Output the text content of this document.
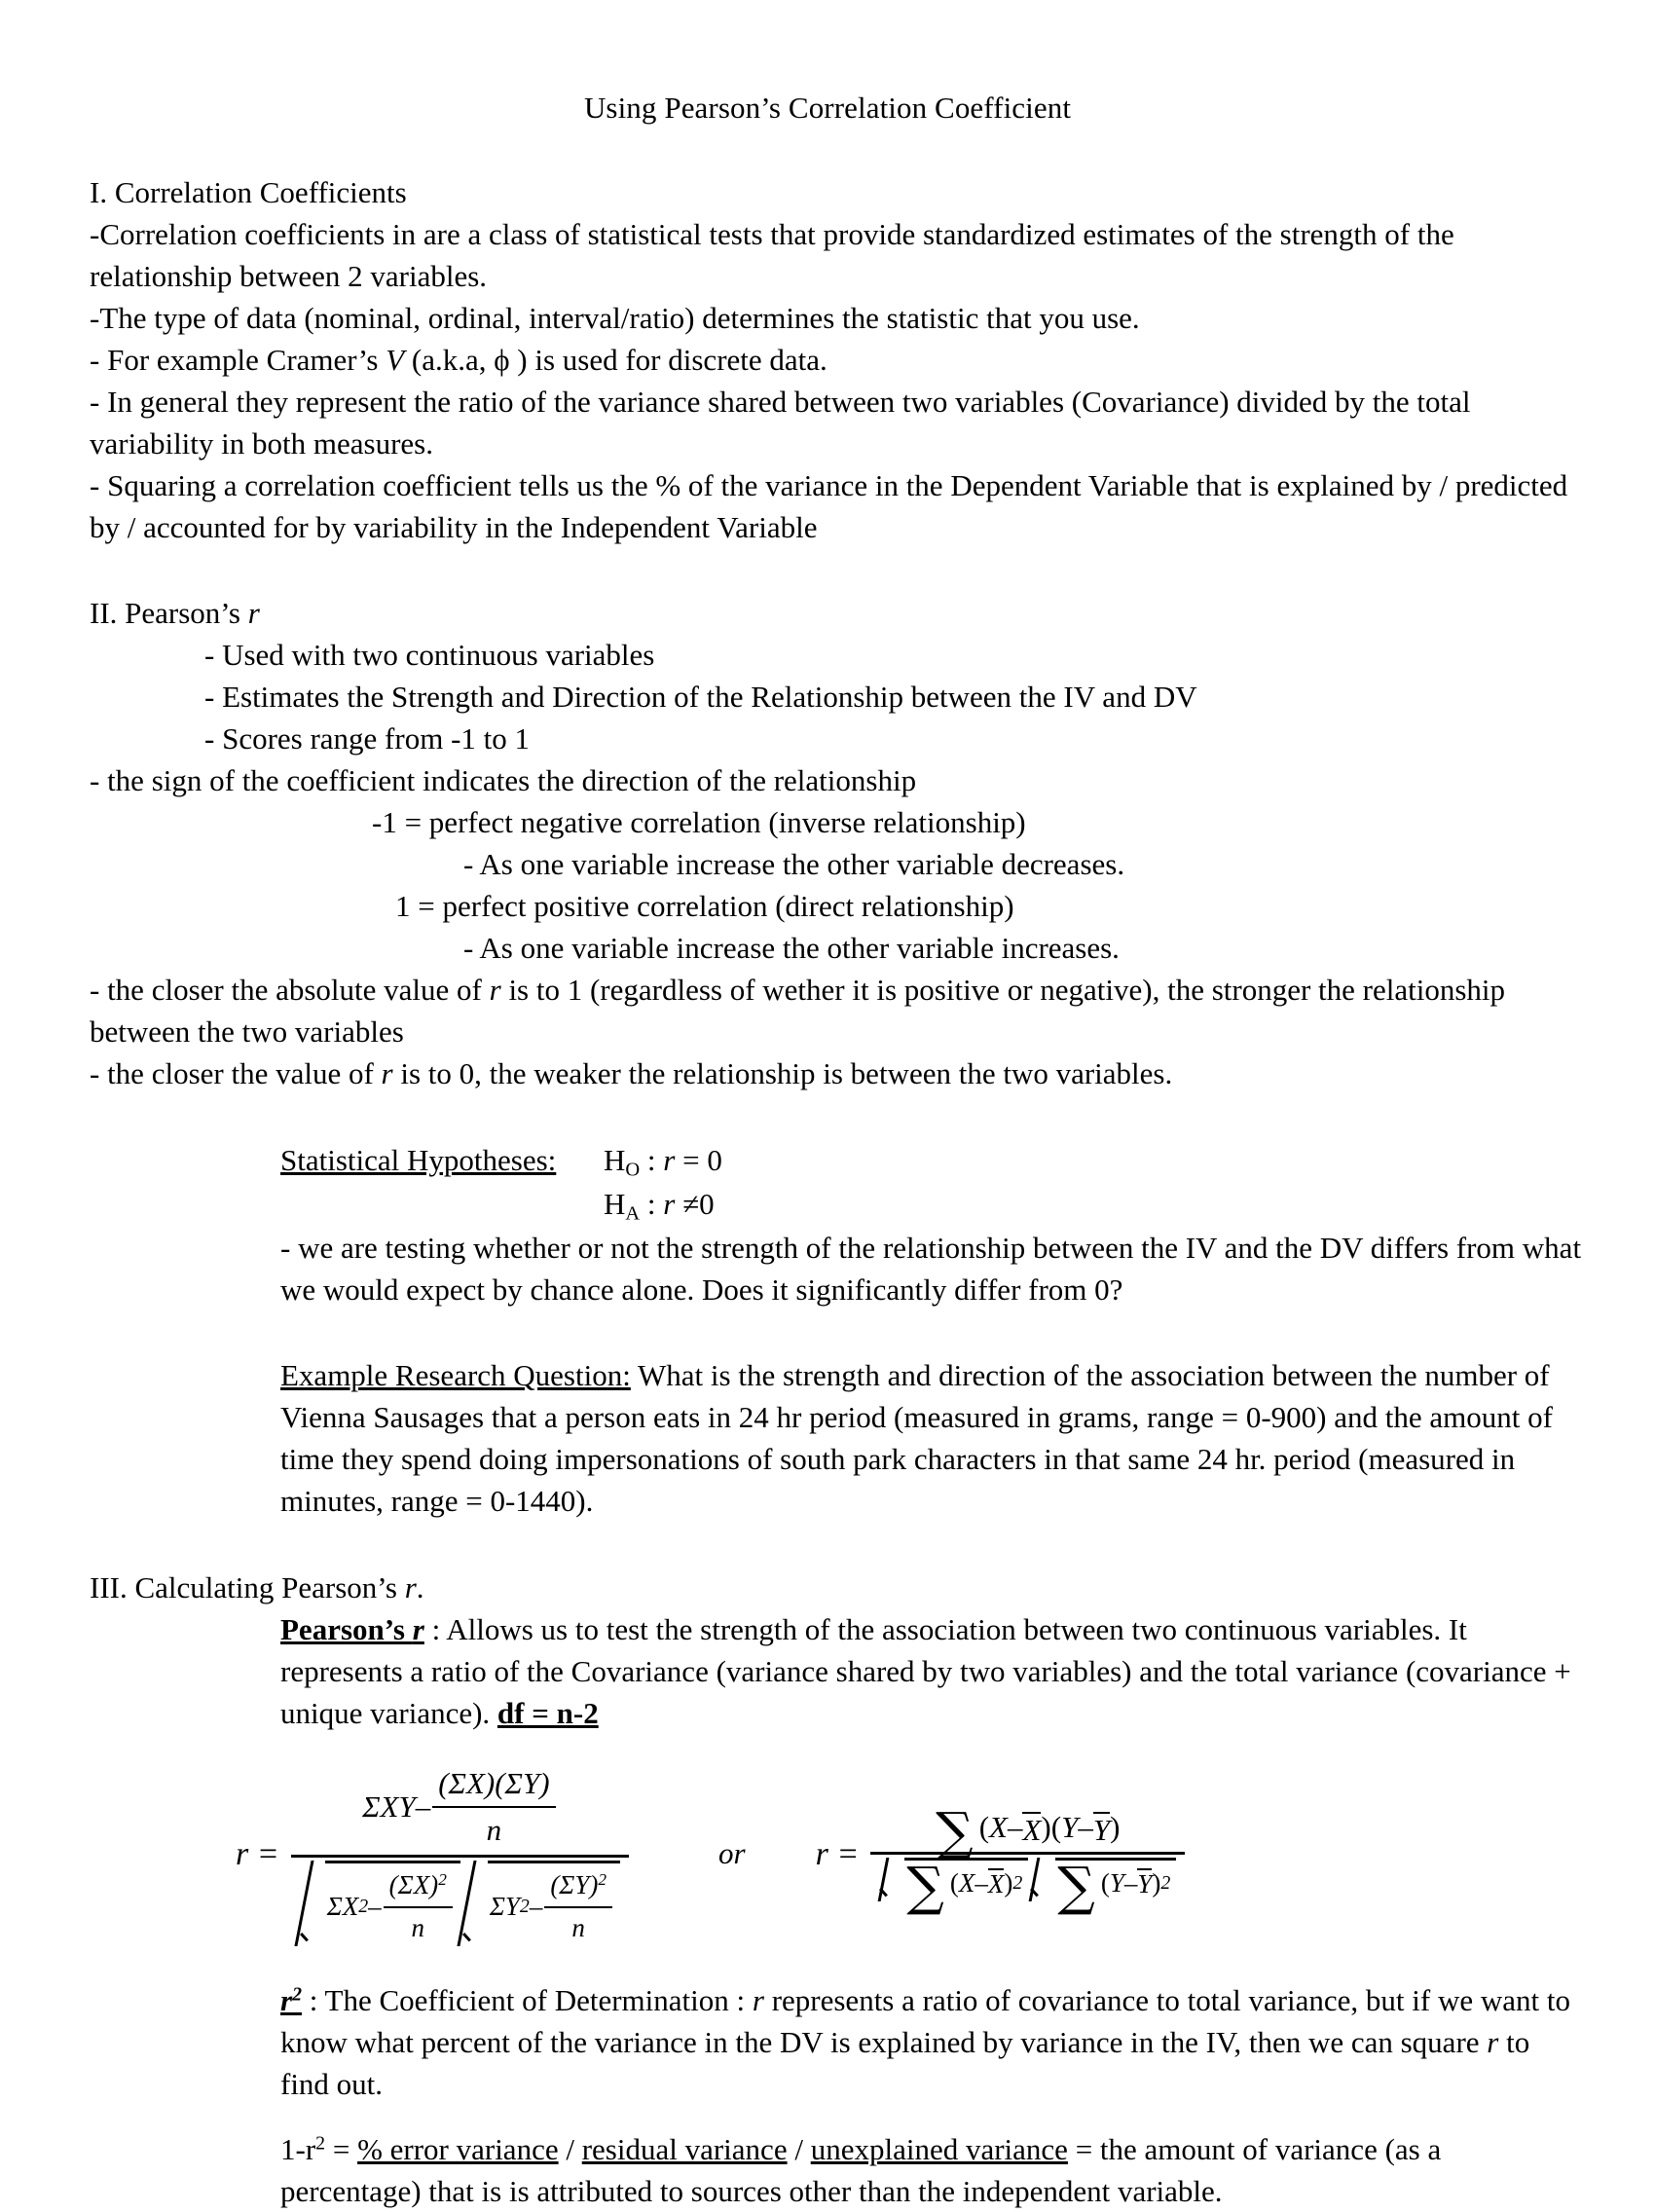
Using Pearson’s Correlation Coefficient
I. Correlation Coefficients
-Correlation coefficients in are a class of statistical tests that provide standardized estimates of the strength of the relationship between 2 variables.
-The type of data (nominal, ordinal, interval/ratio) determines the statistic that you use.
- For example Cramer’s V (a.k.a, ϕ ) is used for discrete data.
- In general they represent the ratio of the variance shared between two variables (Covariance) divided by the total variability in both measures.
- Squaring a correlation coefficient tells us the % of the variance in the Dependent Variable that is explained by / predicted by / accounted for by variability in the Independent Variable
II. Pearson’s r
- Used with two continuous variables
- Estimates the Strength and Direction of the Relationship between the IV and DV
- Scores range from -1 to 1
- the sign of the coefficient indicates the direction of the relationship
-1 = perfect negative correlation (inverse relationship)
- As one variable increase the other variable decreases.
1 = perfect positive correlation (direct relationship)
- As one variable increase the other variable increases.
- the closer the absolute value of r is to 1 (regardless of wether it is positive or negative), the stronger the relationship between the two variables
- the closer the value of r is to 0, the weaker the relationship is between the two variables.
Statistical Hypotheses:	$H_O$ : r = 0
$H_A$ : r ≠0
- we are testing whether or not the strength of the relationship between the IV and the DV differs from what we would expect by chance alone. Does it significantly differ from 0?
Example Research Question: What is the strength and direction of the association between the number of Vienna Sausages that a person eats in 24 hr period (measured in grams, range = 0-900) and the amount of time they spend doing impersonations of south park characters in that same 24 hr. period (measured in minutes, range = 0-1440).
III. Calculating Pearson’s r.
Pearson’s r : Allows us to test the strength of the association between two continuous variables. It represents a ratio of the Covariance (variance shared by two variables) and the total variance (covariance + unique variance). df = n-2
r =
ΣXY – $\frac{(\Sigma X)(\Sigma Y)}{n}$
ΣX $2 - \frac{(\Sigma X)^2}{n}$ ΣY $2 - \frac{(\Sigma Y)^2}{n}$
or r = ∑ ( X – X )( Y – Y )
∑ ( X – X ) 2 ∑ ( Y – Y ) 2
$r^2$ : The Coefficient of Determination : r represents a ratio of covariance to total variance, but if we want to know what percent of the variance in the DV is explained by variance in the IV, then we can square r to find out.
$1-r^2$ = % error variance / residual variance / unexplained variance = the amount of variance (as a percentage) that is is attributed to sources other than the independent variable.
